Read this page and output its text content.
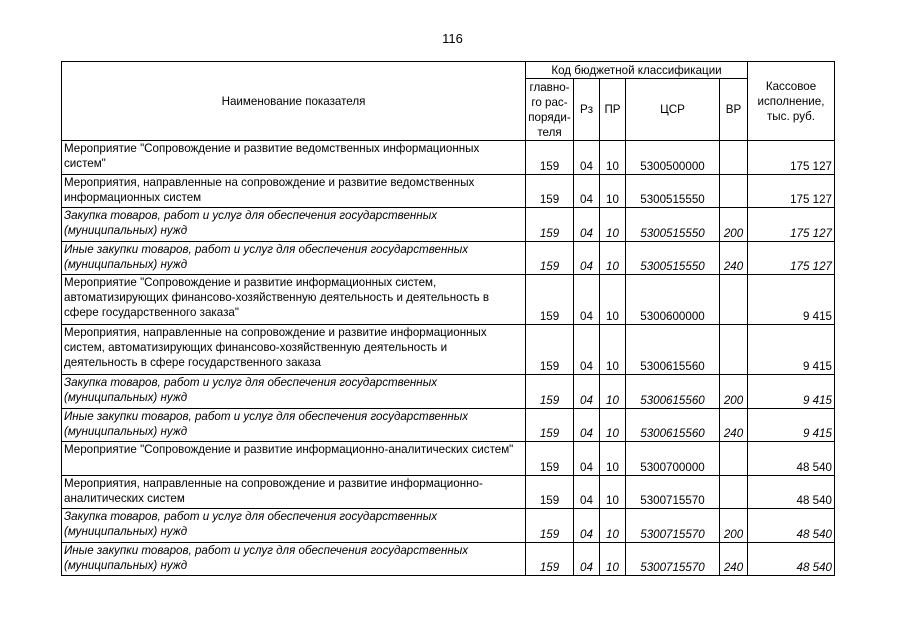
116
Наименование показателя	Код бюджетной классификации					Кассовое исполнение, тыс. руб.
	главно-го рас-поряди-теля	Рз	ПР	ЦСР	ВР	
Мероприятие "Сопровождение и развитие ведомственных информационных систем"	159	04	10	5300500000		175 127
Мероприятия, направленные на сопровождение и развитие ведомственных информационных систем	159	04	10	5300515550		175 127
Закупка товаров, работ и услуг для обеспечения государственных (муниципальных) нужд	159	04	10	5300515550	200	175 127
Иные закупки товаров, работ и услуг для обеспечения государственных (муниципальных) нужд	159	04	10	5300515550	240	175 127
Мероприятие "Сопровождение и развитие информационных систем, автоматизирующих финансово-хозяйственную деятельность и деятельность в сфере государственного заказа"	159	04	10	5300600000		9 415
Мероприятия, направленные на сопровождение и развитие информационных систем, автоматизирующих финансово-хозяйственную деятельность и деятельность в сфере государственного заказа	159	04	10	5300615560		9 415
Закупка товаров, работ и услуг для обеспечения государственных (муниципальных) нужд	159	04	10	5300615560	200	9 415
Иные закупки товаров, работ и услуг для обеспечения государственных (муниципальных) нужд	159	04	10	5300615560	240	9 415
Мероприятие "Сопровождение и развитие информационно-аналитических систем"	159	04	10	5300700000		48 540
Мероприятия, направленные на сопровождение и развитие информационно-аналитических систем	159	04	10	5300715570		48 540
Закупка товаров, работ и услуг для обеспечения государственных (муниципальных) нужд	159	04	10	5300715570	200	48 540
Иные закупки товаров, работ и услуг для обеспечения государственных (муниципальных) нужд	159	04	10	5300715570	240	48 540
